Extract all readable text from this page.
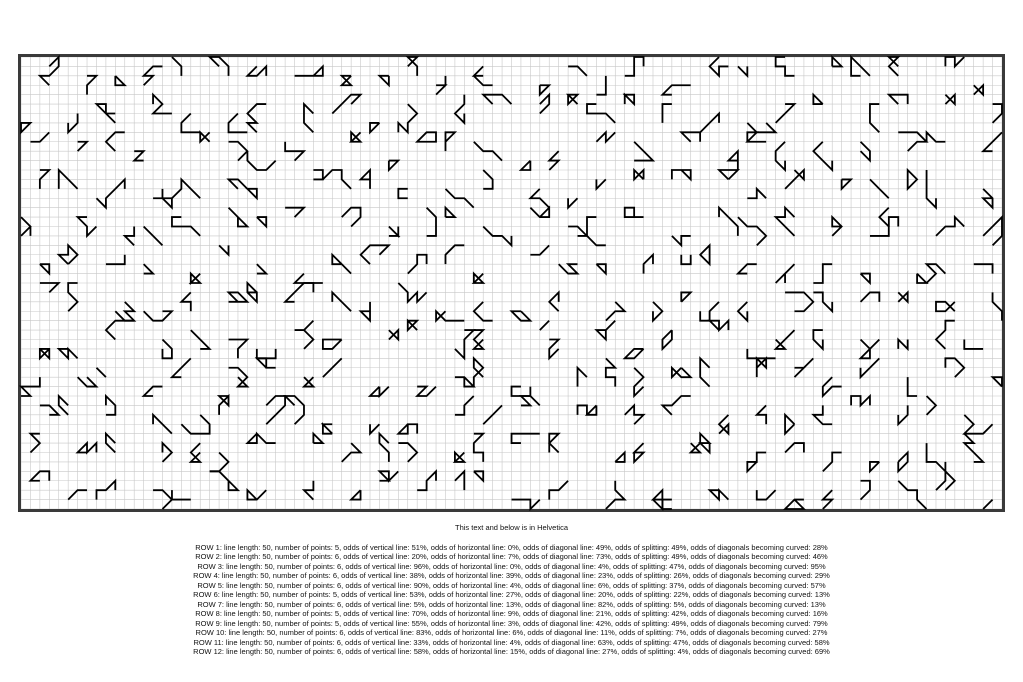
This text and below is in Helvetica
ROW 1: line length: 50, number of points: 5, odds of vertical line: 51%, odds of horizontal line: 0%, odds of diagonal line: 49%, odds of splitting: 49%, odds of diagonals becoming curved: 28%
ROW 2: line length: 50, number of points: 6, odds of vertical line: 20%, odds of horizontal line: 7%, odds of diagonal line: 73%, odds of splitting: 49%, odds of diagonals becoming curved: 46%
ROW 3: line length: 50, number of points: 6, odds of vertical line: 96%, odds of horizontal line: 0%, odds of diagonal line: 4%, odds of splitting: 47%, odds of diagonals becoming curved: 95%
ROW 4: line length: 50, number of points: 6, odds of vertical line: 38%, odds of horizontal line: 39%, odds of diagonal line: 23%, odds of splitting: 26%, odds of diagonals becoming curved: 29%
ROW 5: line length: 50, number of points: 6, odds of vertical line: 90%, odds of horizontal line: 4%, odds of diagonal line: 6%, odds of splitting: 37%, odds of diagonals becoming curved: 57%
ROW 6: line length: 50, number of points: 5, odds of vertical line: 53%, odds of horizontal line: 27%, odds of diagonal line: 20%, odds of splitting: 22%, odds of diagonals becoming curved: 13%
ROW 7: line length: 50, number of points: 6, odds of vertical line: 5%, odds of horizontal line: 13%, odds of diagonal line: 82%, odds of splitting: 5%, odds of diagonals becoming curved: 13%
ROW 8: line length: 50, number of points: 5, odds of vertical line: 70%, odds of horizontal line: 9%, odds of diagonal line: 21%, odds of splitting: 42%, odds of diagonals becoming curved: 16%
ROW 9: line length: 50, number of points: 5, odds of vertical line: 55%, odds of horizontal line: 3%, odds of diagonal line: 42%, odds of splitting: 49%, odds of diagonals becoming curved: 79%
ROW 10: line length: 50, number of points: 6, odds of vertical line: 83%, odds of horizontal line: 6%, odds of diagonal line: 11%, odds of splitting: 7%, odds of diagonals becoming curved: 27%
ROW 11: line length: 50, number of points: 6, odds of vertical line: 33%, odds of horizontal line: 4%, odds of diagonal line: 63%, odds of splitting: 47%, odds of diagonals becoming curved: 58%
ROW 12: line length: 50, number of points: 6, odds of vertical line: 58%, odds of horizontal line: 15%, odds of diagonal line: 27%, odds of splitting: 4%, odds of diagonals becoming curved: 69%
